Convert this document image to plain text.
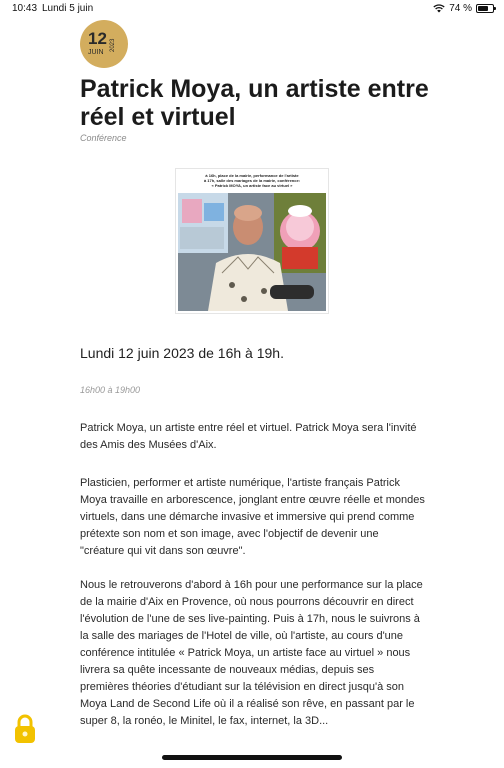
10:43 Lundi 5 juin	74 %
12
JUIN
2023
Patrick Moya, un artiste entre réel et virtuel
Conférence
à 16h, place de la mairie, performance de l'artiste
à 17h, salle des mariages de la mairie, conférence:
« Patrick MOYA, un artiste face au virtuel »
Lundi 12 juin 2023 de 16h à 19h.
16h00 à 19h00

Patrick Moya, un artiste entre réel et virtuel. Patrick Moya sera l'invité des Amis des Musées d'Aix.

Plasticien, performer et artiste numérique, l'artiste français Patrick Moya travaille en arborescence, jonglant entre œuvre réelle et mondes virtuels, dans une démarche invasive et immersive qui prend comme prétexte son nom et son image, avec l'objectif de devenir une "créature qui vit dans son œuvre".

Nous le retrouverons d'abord à 16h pour une performance sur la place de la mairie d'Aix en Provence, où nous pourrons découvrir en direct l'évolution de l'une de ses live-painting. Puis à 17h, nous le suivrons à la salle des mariages de l'Hotel de ville, où l'artiste, au cours d'une conférence intitulée « Patrick Moya, un artiste face au virtuel » nous livrera sa quête incessante de nouveaux médias, depuis ses premières théories d'étudiant sur la télévision en direct jusqu'à son Moya Land de Second Life où il a réalisé son rêve, en passant par le super 8, la ronéo, le Minitel, le fax, internet, la 3D...
